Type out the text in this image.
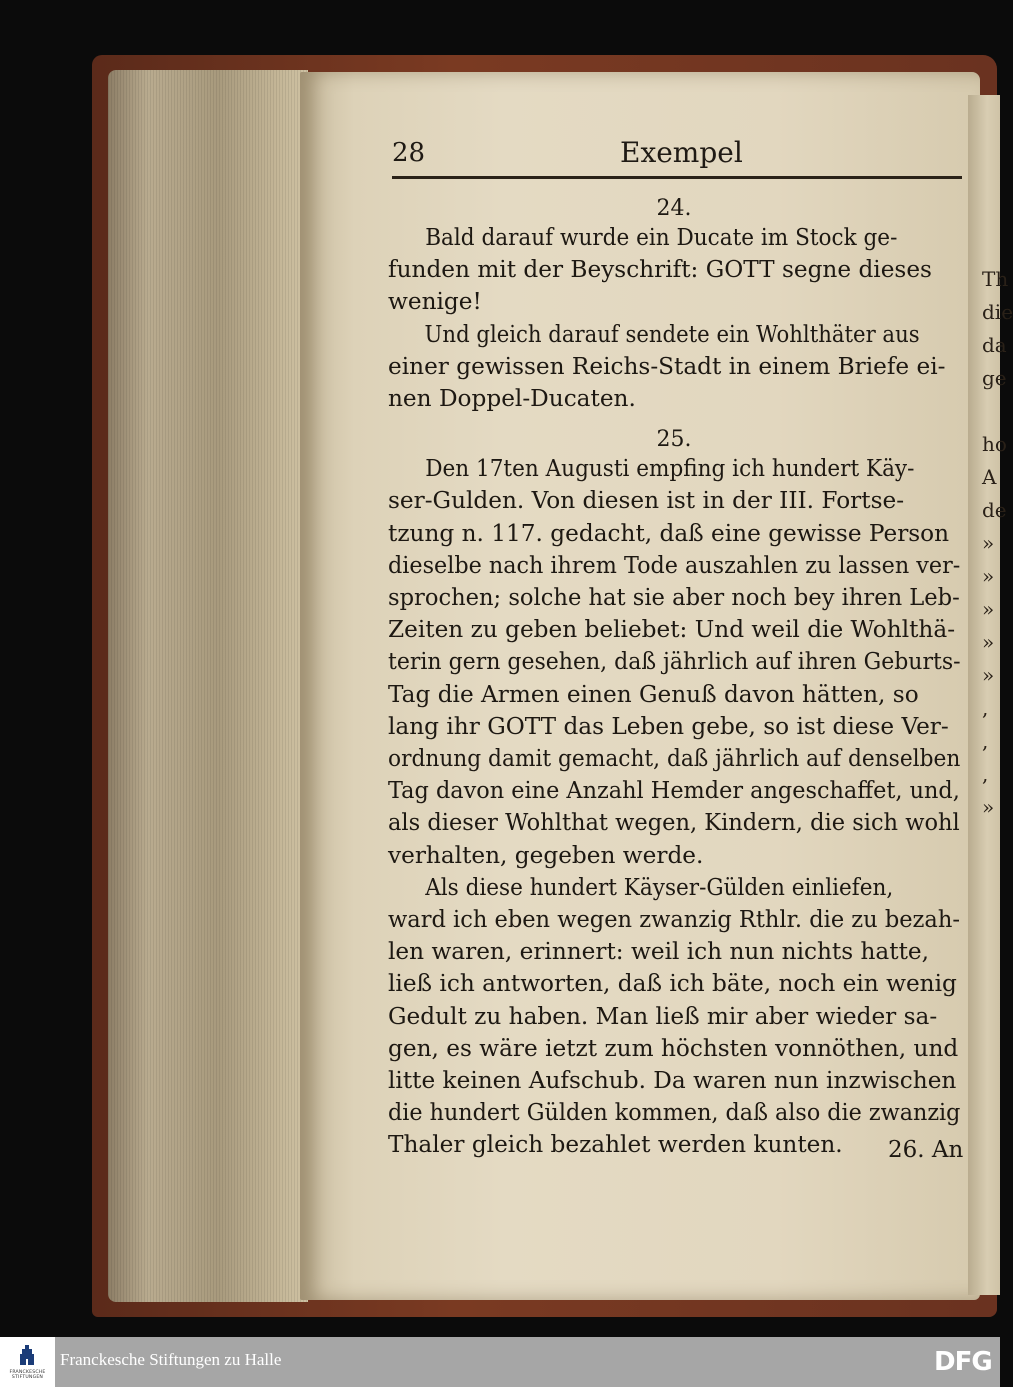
Th
die
da
ge

ho
A
de
»
»
»
»
»
,
,
,
»
28	Exempel

24.

Bald darauf wurde ein Ducate im Stock ge-
funden mit der Beyschrift: GOTT segne dieses
wenige!

Und gleich darauf sendete ein Wohlthäter aus
einer gewissen Reichs-Stadt in einem Briefe ei-
nen Doppel-Ducaten.

25.

Den 17ten Augusti empfing ich hundert Käy-
ser-Gulden. Von diesen ist in der III. Fortse-
tzung n. 117. gedacht, daß eine gewisse Person
dieselbe nach ihrem Tode auszahlen zu lassen ver-
sprochen; solche hat sie aber noch bey ihren Leb-
Zeiten zu geben beliebet: Und weil die Wohlthä-
terin gern gesehen, daß jährlich auf ihren Geburts-
Tag die Armen einen Genuß davon hätten, so
lang ihr GOTT das Leben gebe, so ist diese Ver-
ordnung damit gemacht, daß jährlich auf denselben
Tag davon eine Anzahl Hemder angeschaffet, und,
als dieser Wohlthat wegen, Kindern, die sich wohl
verhalten, gegeben werde.

Als diese hundert Käyser-Gülden einliefen,
ward ich eben wegen zwanzig Rthlr. die zu bezah-
len waren, erinnert: weil ich nun nichts hatte,
ließ ich antworten, daß ich bäte, noch ein wenig
Gedult zu haben. Man ließ mir aber wieder sa-
gen, es wäre ietzt zum höchsten vonnöthen, und
litte keinen Aufschub. Da waren nun inzwischen
die hundert Gülden kommen, daß also die zwanzig
Thaler gleich bezahlet werden kunten.	26. An
FRANCKESCHE STIFTUNGEN
Franckesche Stiftungen zu Halle	DFG
